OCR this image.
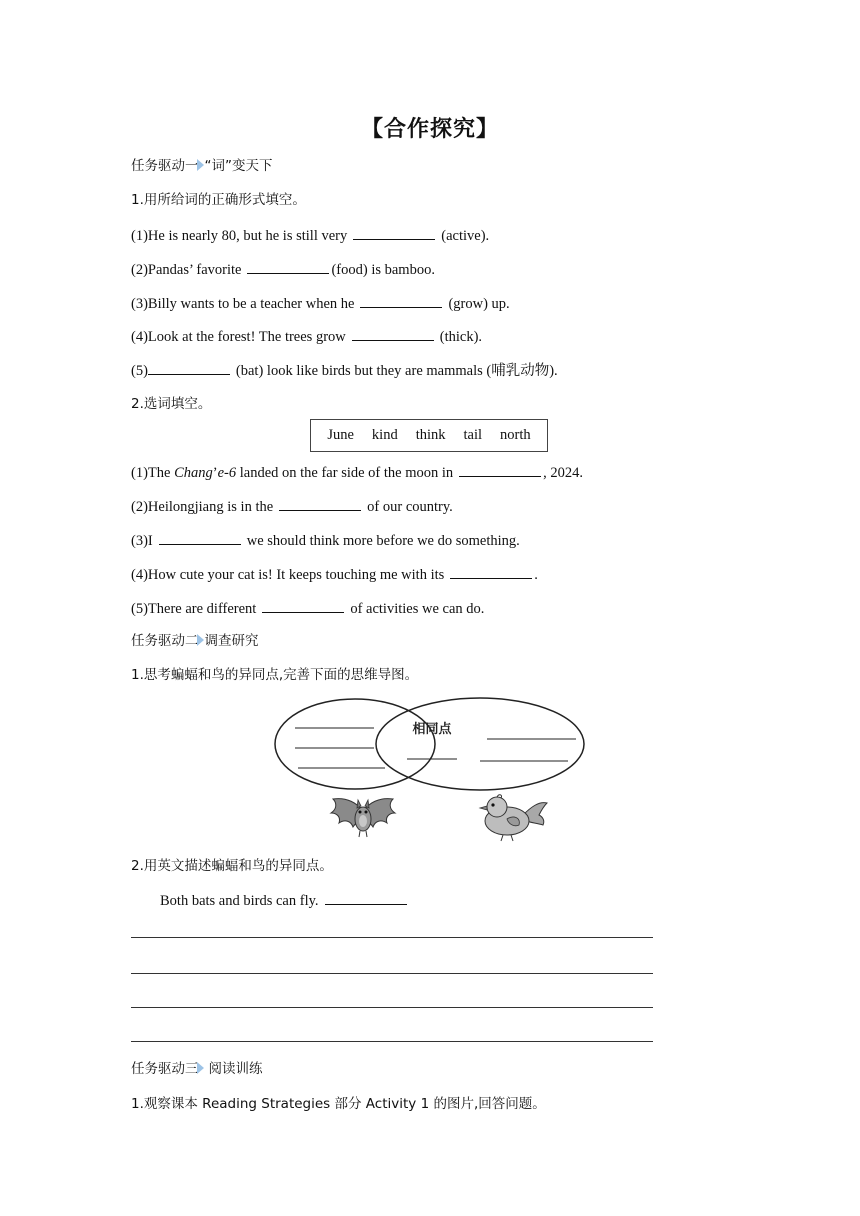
【合作探究】
任务驱动一 “词”变天下
1.用所给词的正确形式填空。
(1)He is nearly 80, but he is still very	(active).
(2)Pandas’ favorite	(food) is bamboo.
(3)Billy wants to be a teacher when he	(grow) up.
(4)Look at the forest! The trees grow	(thick).
(5)	(bat) look like birds but they are mammals (哺乳动物).
2.选词填空。
June kind think tail north
(1)The Chang’e-6 landed on the far side of the moon in	, 2024.
(2)Heilongjiang is in the	of our country.
(3)I	we should think more before we do something.
(4)How cute your cat is! It keeps touching me with its	.
(5)There are different	of activities we can do.
任务驱动二 调查研究
1.思考蝙蝠和鸟的异同点,完善下面的思维导图。
相同点
2.用英文描述蝙蝠和鸟的异同点。
Both bats and birds can fly.
任务驱动三 阅读训练
1.观察课本 Reading Strategies 部分 Activity 1 的图片,回答问题。
